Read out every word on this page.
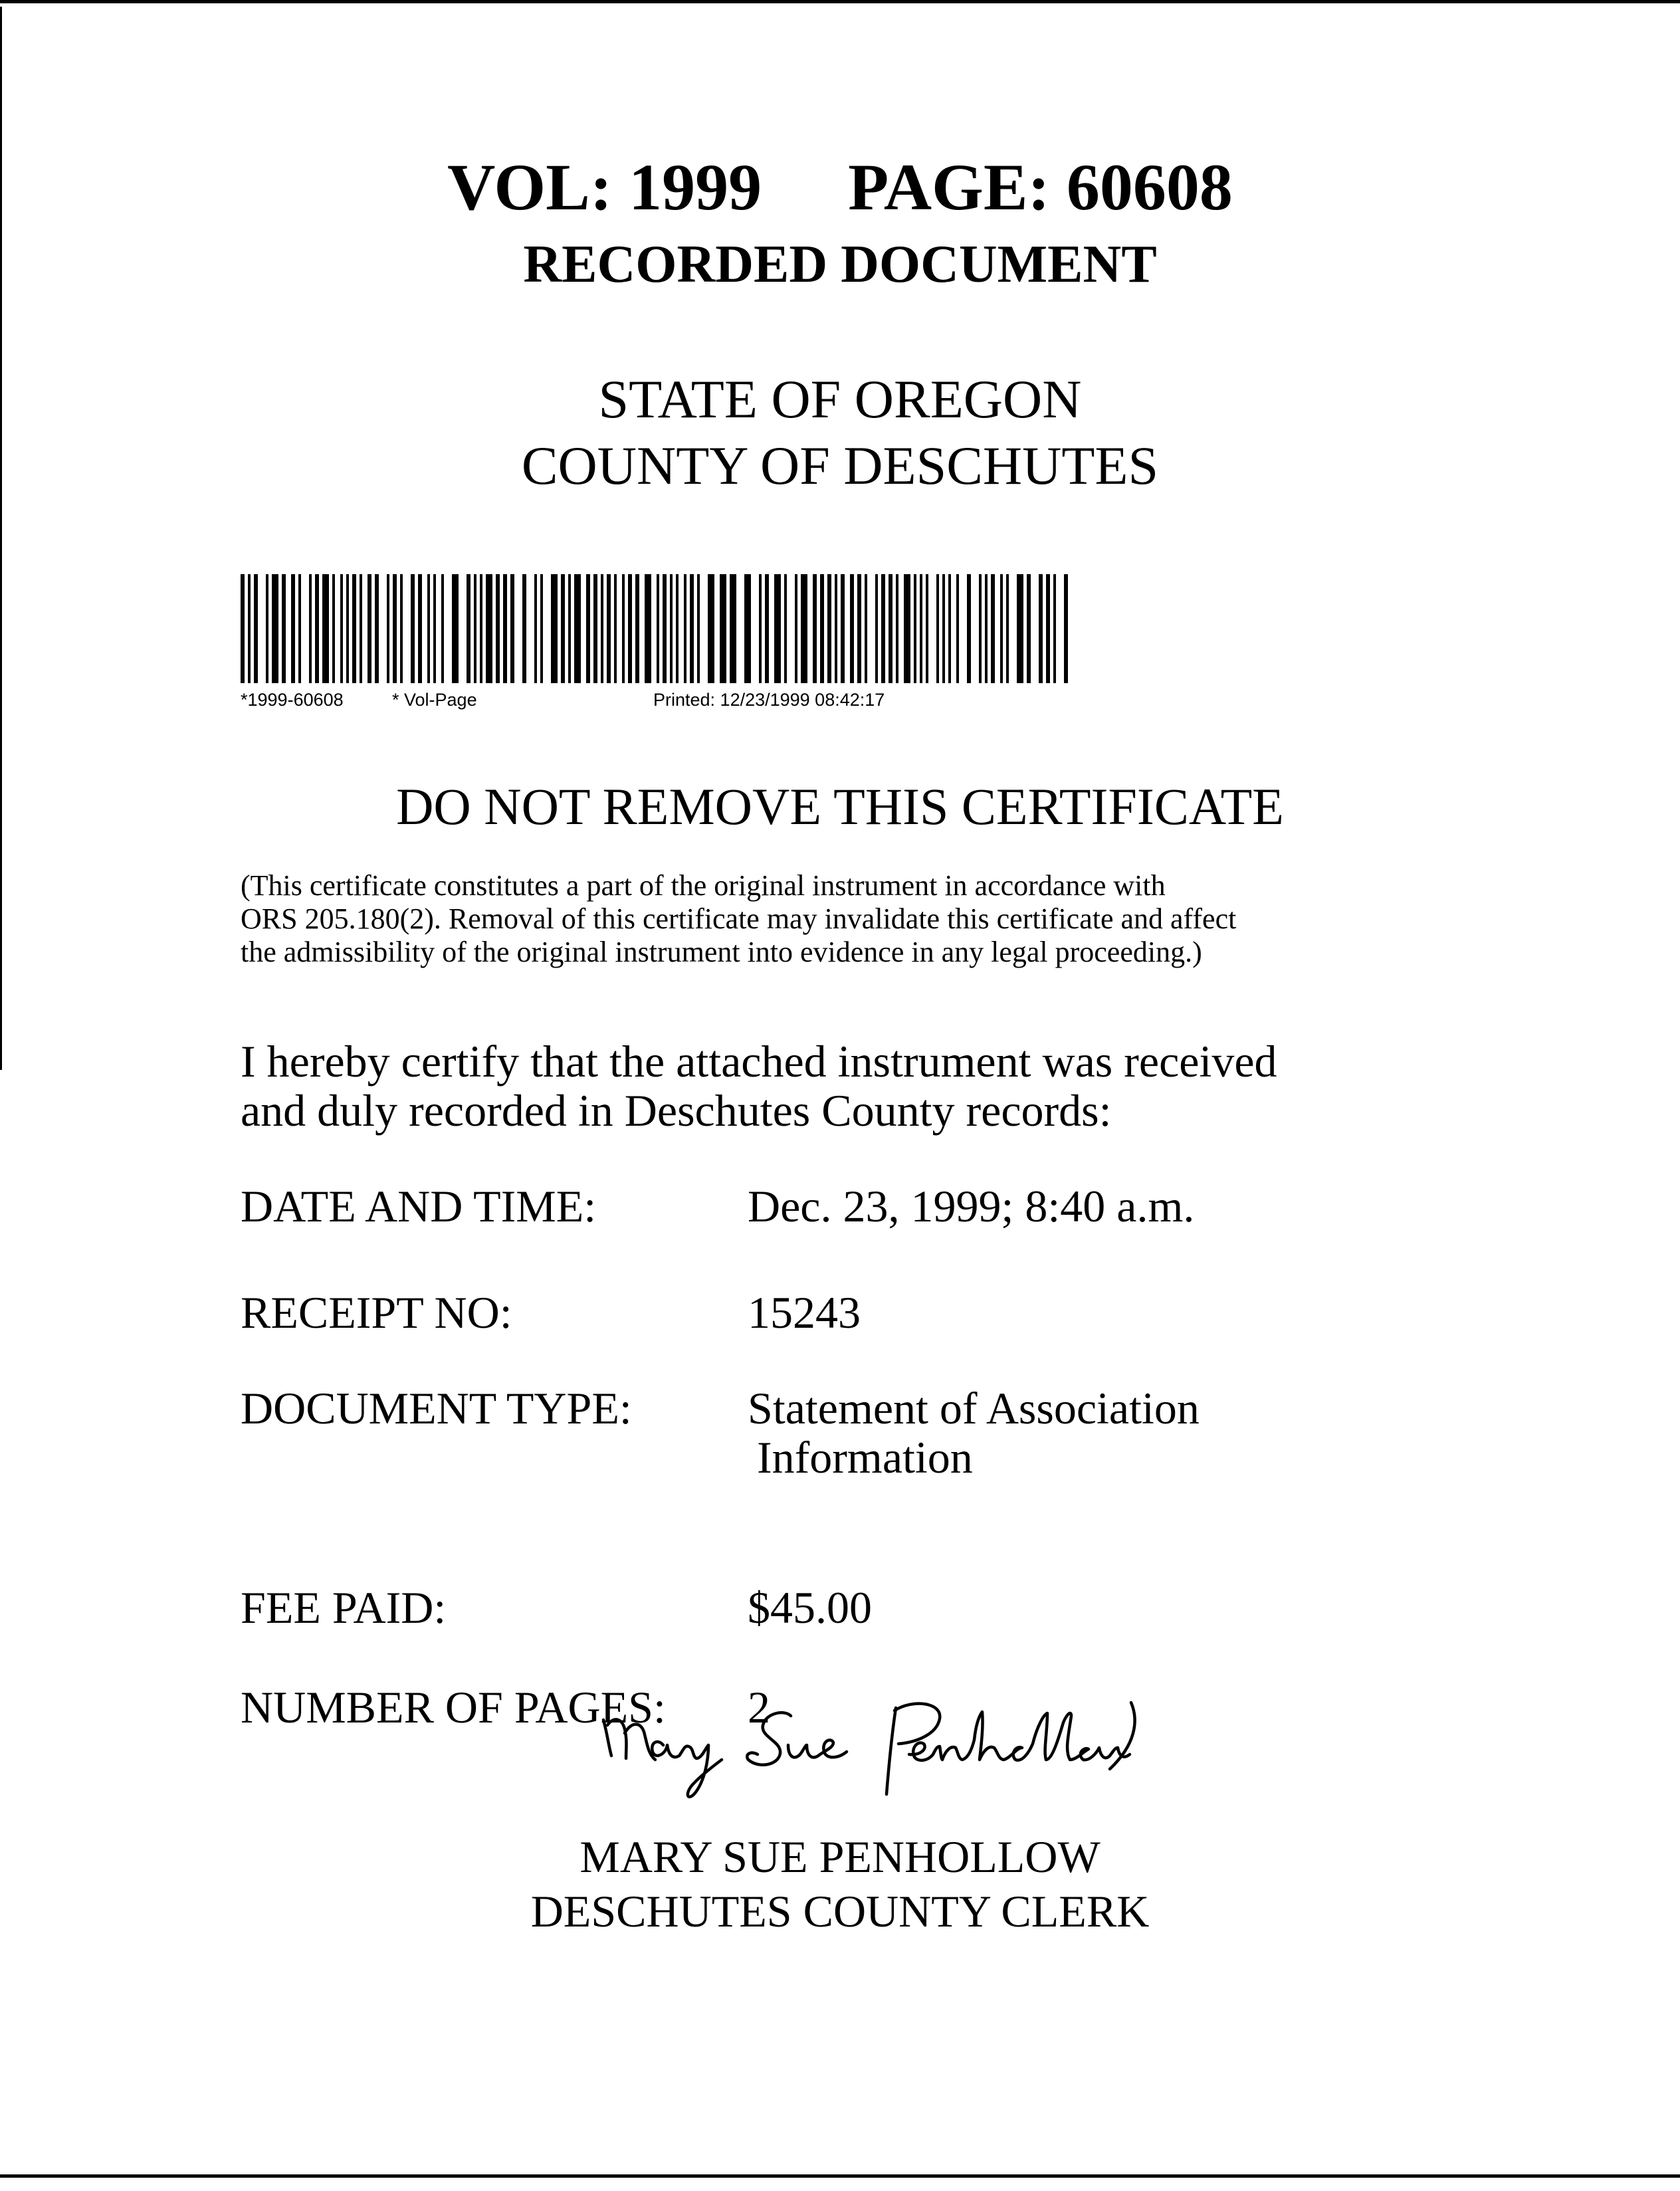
VOL: 1999 PAGE: 60608
RECORDED DOCUMENT
STATE OF OREGON
COUNTY OF DESCHUTES
*1999-60608	* Vol-Page	Printed: 12/23/1999 08:42:17
DO NOT REMOVE THIS CERTIFICATE
(This certificate constitutes a part of the original instrument in accordance with
ORS 205.180(2). Removal of this certificate may invalidate this certificate and affect
the admissibility of the original instrument into evidence in any legal proceeding.)
I hereby certify that the attached instrument was received
and duly recorded in Deschutes County records:
DATE AND TIME:	Dec. 23, 1999; 8:40 a.m.
RECEIPT NO:	15243
DOCUMENT TYPE:	Statement of Association
Information
FEE PAID:	$45.00
NUMBER OF PAGES: 2
MARY SUE PENHOLLOW
DESCHUTES COUNTY CLERK
